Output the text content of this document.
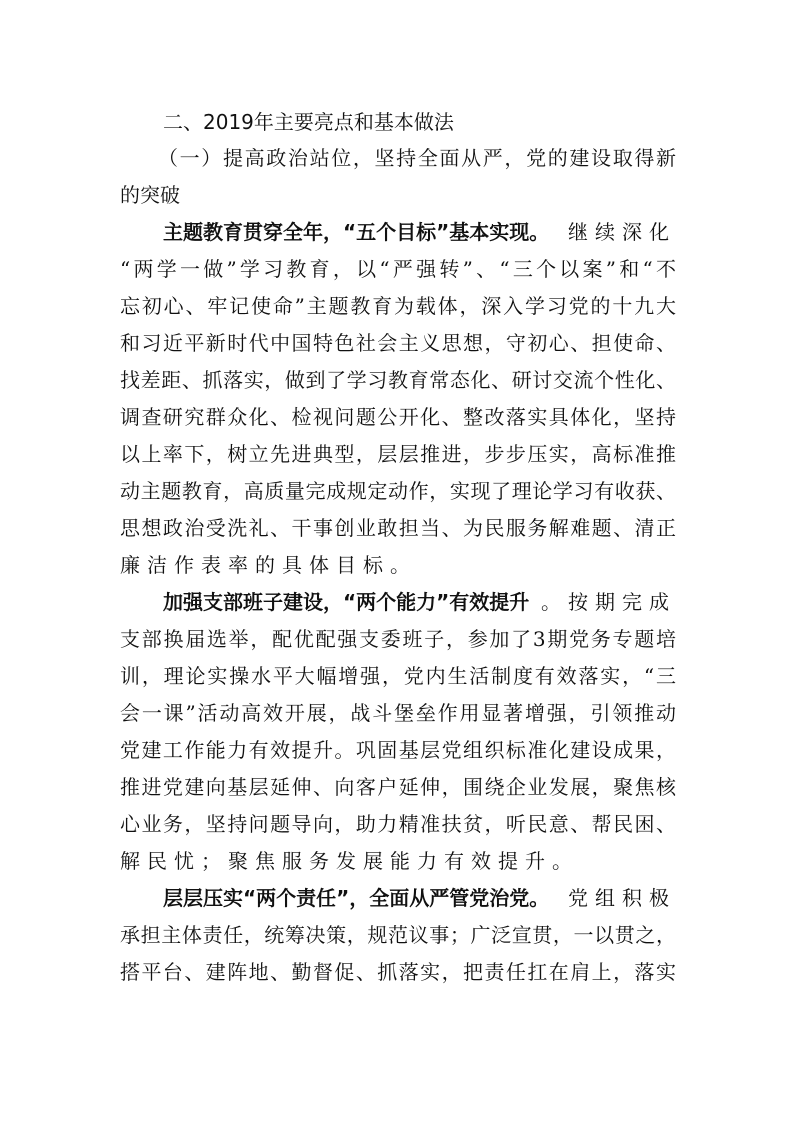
二、2019年主要亮点和基本做法
（一）提高政治站位，坚持全面从严，党的建设取得新
的突破
主题教育贯穿全年，“五个目标”基本实现。 继续深化
“两学一做”学习教育，以“严强转”、“三个以案”和“不
忘初心、牢记使命”主题教育为载体，深入学习党的十九大
和习近平新时代中国特色社会主义思想，守初心、担使命、
找差距、抓落实，做到了学习教育常态化、研讨交流个性化、
调查研究群众化、检视问题公开化、整改落实具体化，坚持
以上率下，树立先进典型，层层推进，步步压实，高标准推
动主题教育，高质量完成规定动作，实现了理论学习有收获、
思想政治受洗礼、干事创业敢担当、为民服务解难题、清正
廉洁作表率的具体目标。
加强支部班子建设，“两个能力”有效提升 。按期完成
支部换届选举，配优配强支委班子，参加了3期党务专题培
训，理论实操水平大幅增强，党内生活制度有效落实，“三
会一课”活动高效开展，战斗堡垒作用显著增强，引领推动
党建工作能力有效提升。巩固基层党组织标准化建设成果，
推进党建向基层延伸、向客户延伸，围绕企业发展，聚焦核
心业务，坚持问题导向，助力精准扶贫，听民意、帮民困、
解民忧；聚焦服务发展能力有效提升。
层层压实“两个责任”，全面从严管党治党。 党组积极
承担主体责任，统筹决策，规范议事；广泛宣贯，一以贯之，
搭平台、建阵地、勤督促、抓落实，把责任扛在肩上，落实
